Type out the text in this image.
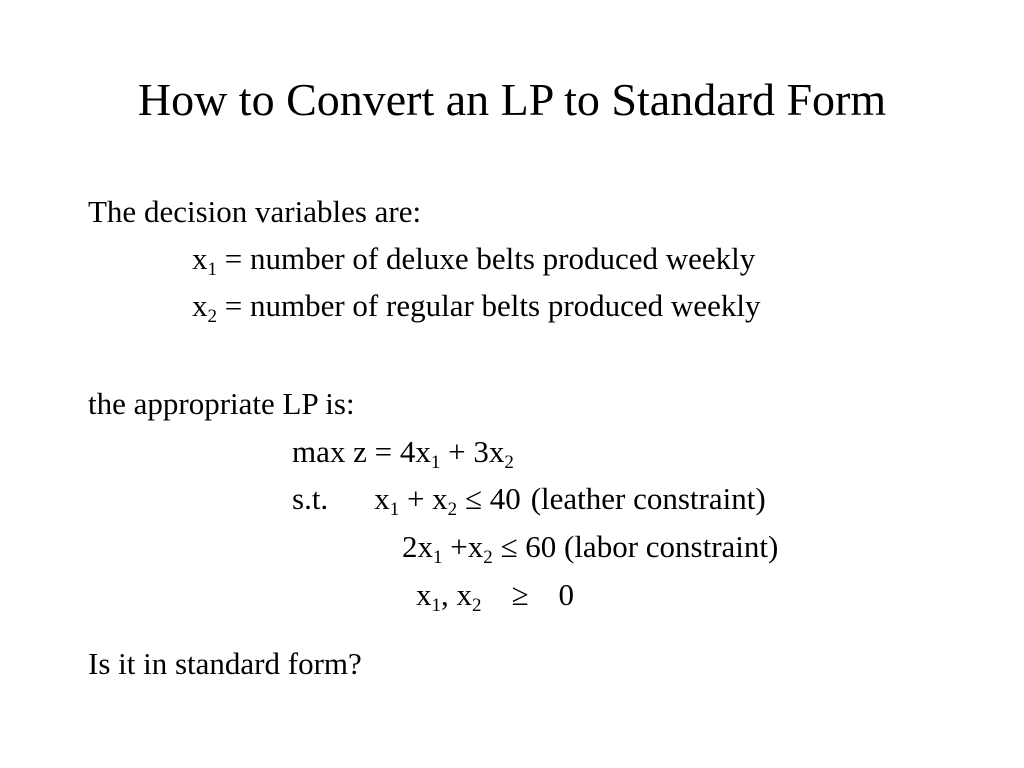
How to Convert an LP to Standard Form
The decision variables are:
$x_1$ = number of deluxe belts produced weekly
$x_2$ = number of regular belts produced weekly
the appropriate LP is:
$\max z = 4x_1 + 3x_2$
s.t. $x_1 + x_2 \le 40$ (leather constraint)
$2x_1 +x_2 \le 60$ (labor constraint)
$x_1$, $x_2 \ge 0$
Is it in standard form?
